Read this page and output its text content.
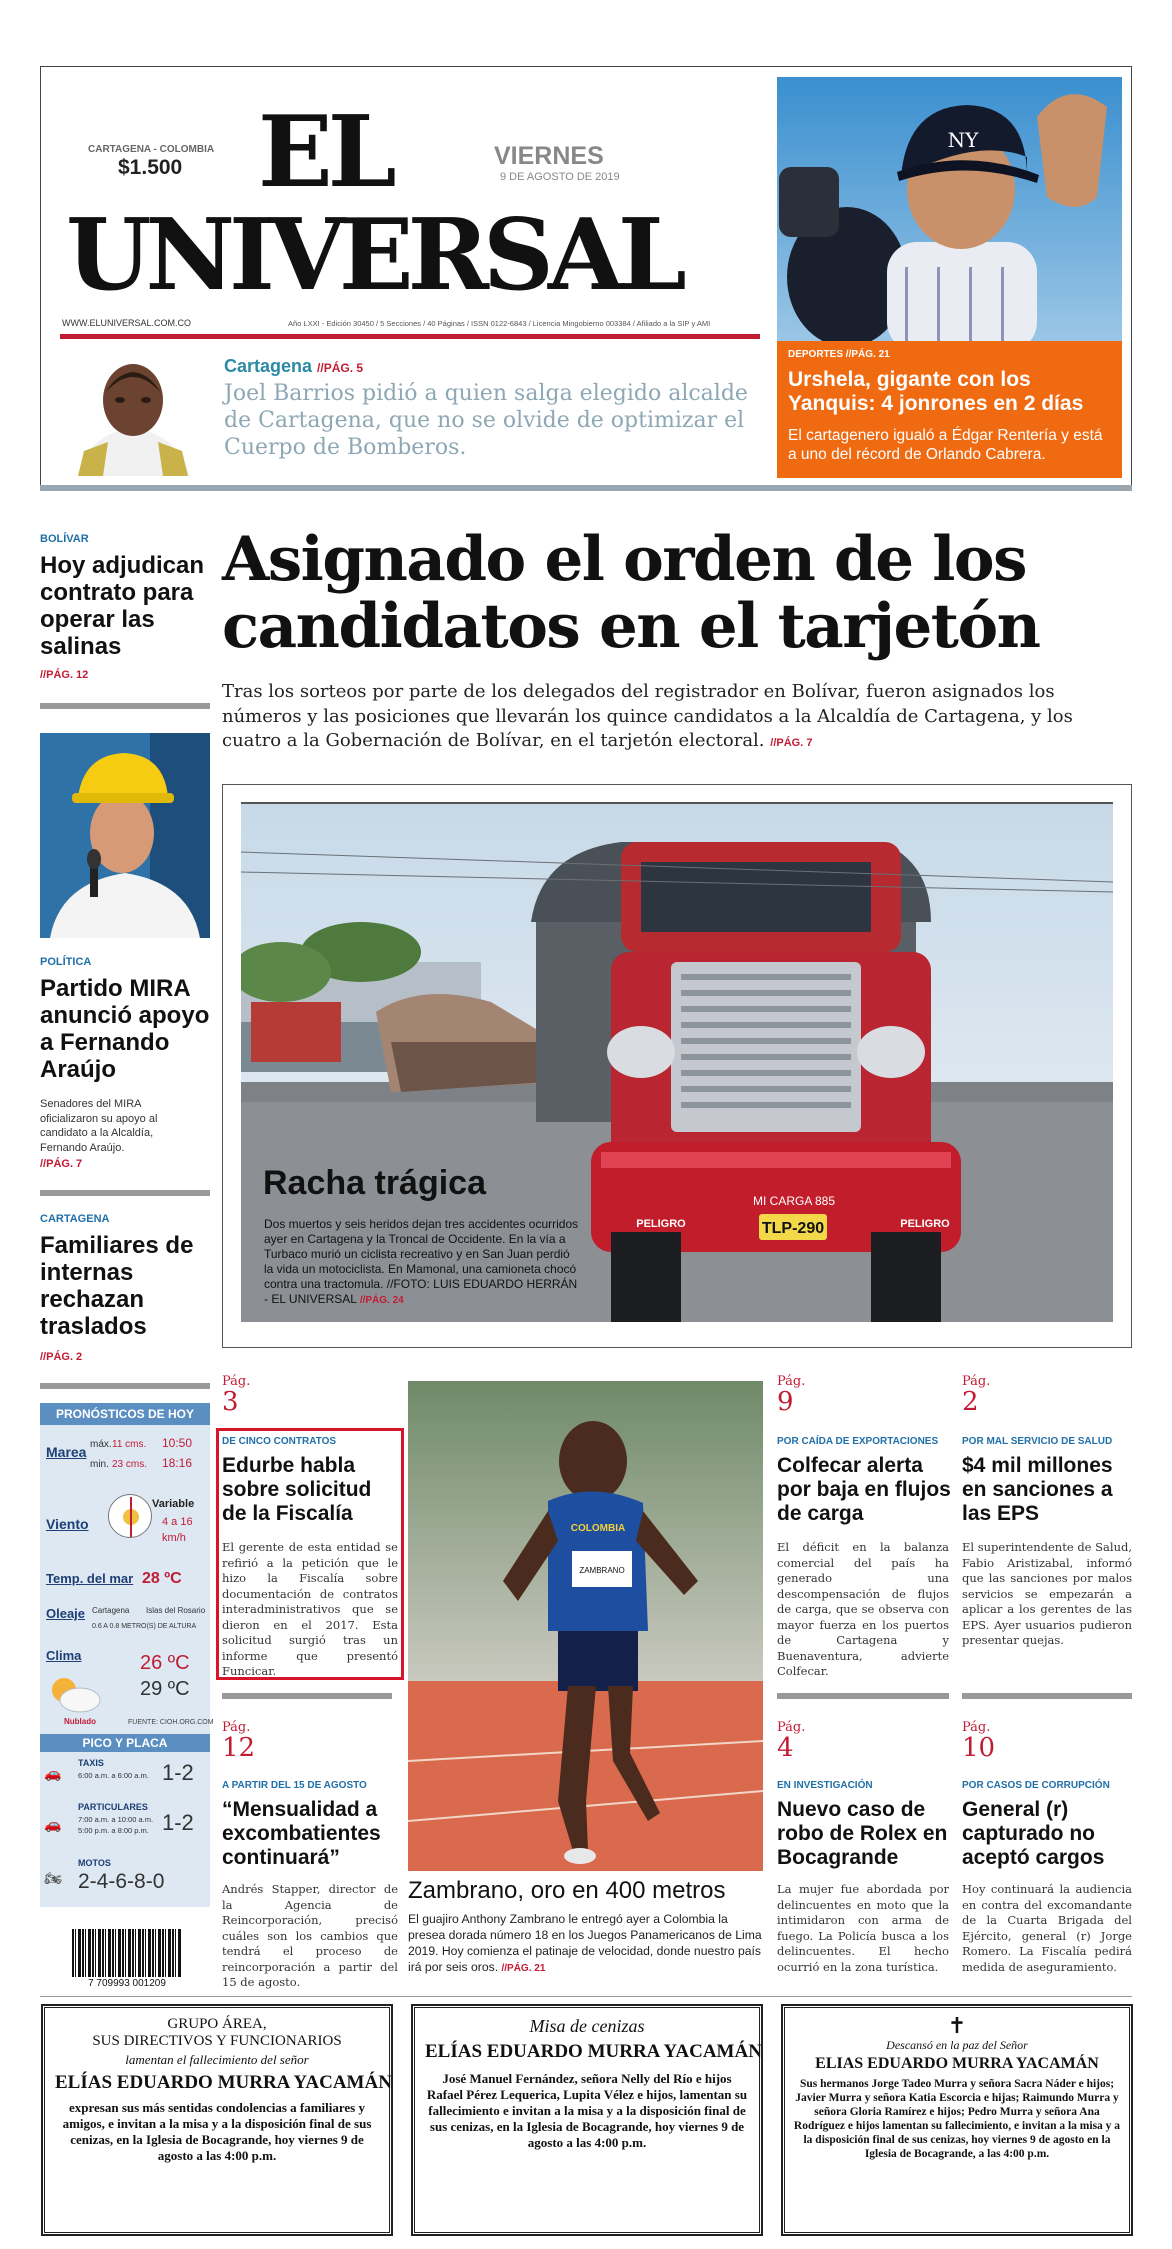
CARTAGENA - COLOMBIA
$1.500 EL
UNIVERSAL
VIERNES
9 DE AGOSTO DE 2019
WWW.ELUNIVERSAL.COM.CO	Año LXXI - Edición 30450 / 5 Secciones / 40 Páginas / ISSN 0122-6843 / Licencia Mingobierno 003384 / Afiliado a la SIP y AMI
NY
DEPORTES //PÁG. 21
Urshela, gigante con los Yanquis: 4 jonrones en 2 días
El cartagenero igualó a Édgar Rentería y está a uno del récord de Orlando Cabrera.
Cartagena //PÁG. 5
Joel Barrios pidió a quien salga elegido alcalde de Cartagena, que no se olvide de optimizar el Cuerpo de Bomberos.
BOLÍVAR
Hoy adjudican contrato para operar las salinas
//PÁG. 12
POLÍTICA
Partido MIRA anunció apoyo a Fernando Araújo
Senadores del MIRA oficializaron su apoyo al candidato a la Alcaldía, Fernando Araújo.
//PÁG. 7
CARTAGENA
Familiares de internas rechazan traslados
//PÁG. 2
Asignado el orden de los candidatos en el tarjetón
Tras los sorteos por parte de los delegados del registrador en Bolívar, fueron asignados los números y las posiciones que llevarán los quince candidatos a la Alcaldía de Cartagena, y los cuatro a la Gobernación de Bolívar, en el tarjetón electoral. //PÁG. 7
TLP-290
MI CARGA 885
PELIGRO	PELIGRO
Racha trágica
Dos muertos y seis heridos dejan tres accidentes ocurridos ayer en Cartagena y la Troncal de Occidente. En la vía a Turbaco murió un ciclista recreativo y en San Juan perdió la vida un motociclista. En Mamonal, una camioneta chocó contra una tractomula. //FOTO: LUIS EDUARDO HERRÁN - EL UNIVERSAL //PÁG. 24
PRONÓSTICOS DE HOY
Marea máx.11 cms. 10:50
min. 23 cms. 18:16
Viento
Variable
4 a 16 km/h
Temp. del mar 28 ºC
Oleaje Cartagena Islas del Rosario
0.6 A 0.8 METRO(S) DE ALTURA
Clima	26 ºC
29 ºC
Nublado	FUENTE: CIOH.ORG.COM
PICO Y PLACA
🚗
TAXIS
6:00 a.m. a 6:00 a.m. 1-2
🚗
PARTICULARES
7:00 a.m. a 10:00 a.m.
5:00 p.m. a 8:00 p.m. 1-2
🏍
MOTOS
2-4-6-8-0
7 709993 001209
Pág.
3
DE CINCO CONTRATOS
Edurbe habla sobre solicitud de la Fiscalía
El gerente de esta entidad se refirió a la petición que le hizo la Fiscalía sobre documentación de contratos interadministrativos que se dieron en el 2017. Esta solicitud surgió tras un informe que presentó Funcicar.
ZAMBRANO
COLOMBIA
Zambrano, oro en 400 metros
El guajiro Anthony Zambrano le entregó ayer a Colombia la presea dorada número 18 en los Juegos Panamericanos de Lima 2019. Hoy comienza el patinaje de velocidad, donde nuestro país irá por seis oros. //PÁG. 21
Pág.
9
POR CAÍDA DE EXPORTACIONES
Colfecar alerta por baja en flujos de carga
El déficit en la balanza comercial del país ha generado una descompensación de flujos de carga, que se observa con mayor fuerza en los puertos de Cartagena y Buenaventura, advierte Colfecar.
Pág.
2
POR MAL SERVICIO DE SALUD
$4 mil millones en sanciones a las EPS
El superintendente de Salud, Fabio Aristizabal, informó que las sanciones por malos servicios se empezarán a aplicar a los gerentes de las EPS. Ayer usuarios pudieron presentar quejas.
Pág.
12
A PARTIR DEL 15 DE AGOSTO
“Mensualidad a excombatientes continuará”
Andrés Stapper, director de la Agencia de Reincorporación, precisó cuáles son los cambios que tendrá el proceso de reincorporación a partir del 15 de agosto.
Pág.
4
EN INVESTIGACIÓN
Nuevo caso de robo de Rolex en Bocagrande
La mujer fue abordada por delincuentes en moto que la intimidaron con arma de fuego. La Policía busca a los delincuentes. El hecho ocurrió en la zona turística.
Pág.
10
POR CASOS DE CORRUPCIÓN
General (r) capturado no aceptó cargos
Hoy continuará la audiencia en contra del excomandante de la Cuarta Brigada del Ejército, general (r) Jorge Romero. La Fiscalía pedirá medida de aseguramiento.
GRUPO ÁREA,
SUS DIRECTIVOS Y FUNCIONARIOS
lamentan el fallecimiento del señor
ELÍAS EDUARDO MURRA YACAMÁN
expresan sus más sentidas condolencias a familiares y amigos, e invitan a la misa y a la disposición final de sus cenizas, en la Iglesia de Bocagrande, hoy viernes 9 de agosto a las 4:00 p.m.
Misa de cenizas
ELÍAS EDUARDO MURRA YACAMÁN
José Manuel Fernández, señora Nelly del Río e hijos Rafael Pérez Lequerica, Lupita Vélez e hijos, lamentan su fallecimiento e invitan a la misa y a la disposición final de sus cenizas, en la Iglesia de Bocagrande, hoy viernes 9 de agosto a las 4:00 p.m.
✝
Descansó en la paz del Señor
ELIAS EDUARDO MURRA YACAMÁN
Sus hermanos Jorge Tadeo Murra y señora Sacra Náder e hijos; Javier Murra y señora Katia Escorcia e hijas; Raimundo Murra y señora Gloria Ramírez e hijos; Pedro Murra y señora Ana Rodríguez e hijos lamentan su fallecimiento, e invitan a la misa y a la disposición final de sus cenizas, hoy viernes 9 de agosto en la Iglesia de Bocagrande, a las 4:00 p.m.
